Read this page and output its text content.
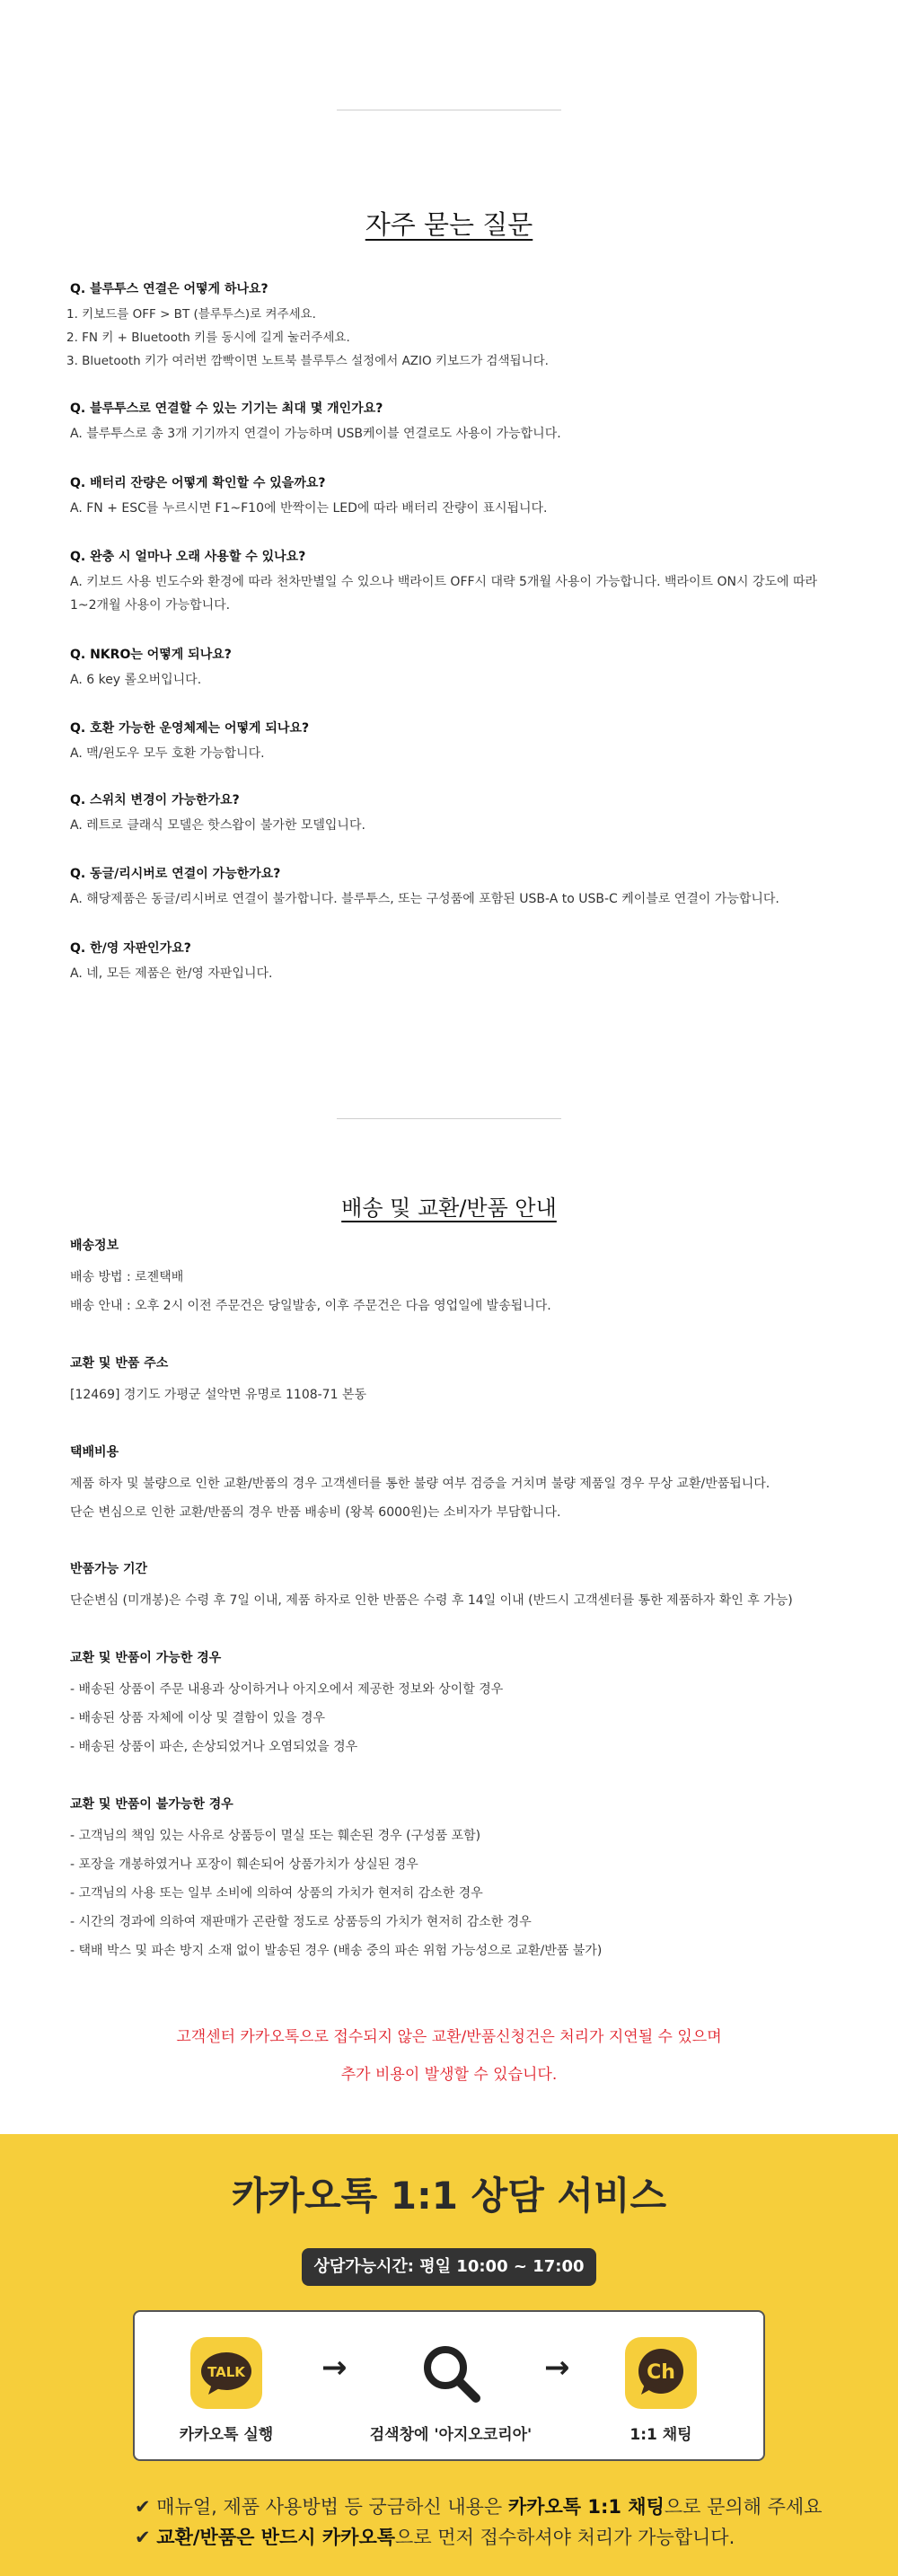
자주 묻는 질문

Q. 블루투스 연결은 어떻게 하나요?

1. 키보드를 OFF > BT (블루투스)로 켜주세요.
2. FN 키 + Bluetooth 키를 동시에 길게 눌러주세요.
3. Bluetooth 키가 여러번 깜빡이면 노트북 블루투스 설정에서 AZIO 키보드가 검색됩니다.

Q. 블루투스로 연결할 수 있는 기기는 최대 몇 개인가요?

A. 블루투스로 총 3개 기기까지 연결이 가능하며 USB케이블 연결로도 사용이 가능합니다.

Q. 배터리 잔량은 어떻게 확인할 수 있을까요?

A. FN + ESC를 누르시면 F1~F10에 반짝이는 LED에 따라 배터리 잔량이 표시됩니다.

Q. 완충 시 얼마나 오래 사용할 수 있나요?

A. 키보드 사용 빈도수와 환경에 따라 천차만별일 수 있으나 백라이트 OFF시 대략 5개월 사용이 가능합니다. 백라이트 ON시 강도에 따라 1~2개월 사용이 가능합니다.

Q. NKRO는 어떻게 되나요?

A. 6 key 롤오버입니다.

Q. 호환 가능한 운영체제는 어떻게 되나요?

A. 맥/윈도우 모두 호환 가능합니다.

Q. 스위치 변경이 가능한가요?

A. 레트로 클래식 모델은 핫스왑이 불가한 모델입니다.

Q. 동글/리시버로 연결이 가능한가요?

A. 해당제품은 동글/리시버로 연결이 불가합니다. 블루투스, 또는 구성품에 포함된 USB-A to USB-C 케이블로 연결이 가능합니다.

Q. 한/영 자판인가요?

A. 네, 모든 제품은 한/영 자판입니다.

배송 및 교환/반품 안내

배송정보

배송 방법 : 로젠택배

배송 안내 : 오후 2시 이전 주문건은 당일발송, 이후 주문건은 다음 영업일에 발송됩니다.

교환 및 반품 주소

[12469] 경기도 가평군 설악면 유명로 1108-71 본동

택배비용

제품 하자 및 불량으로 인한 교환/반품의 경우 고객센터를 통한 불량 여부 검증을 거치며 불량 제품일 경우 무상 교환/반품됩니다.

단순 변심으로 인한 교환/반품의 경우 반품 배송비 (왕복 6000원)는 소비자가 부담합니다.

반품가능 기간

단순변심 (미개봉)은 수령 후 7일 이내, 제품 하자로 인한 반품은 수령 후 14일 이내 (반드시 고객센터를 통한 제품하자 확인 후 가능)

교환 및 반품이 가능한 경우

- 배송된 상품이 주문 내용과 상이하거나 아지오에서 제공한 정보와 상이할 경우

- 배송된 상품 자체에 이상 및 결함이 있을 경우

- 배송된 상품이 파손, 손상되었거나 오염되었을 경우

교환 및 반품이 불가능한 경우

- 고객님의 책임 있는 사유로 상품등이 멸실 또는 훼손된 경우 (구성품 포함)

- 포장을 개봉하였거나 포장이 훼손되어 상품가치가 상실된 경우

- 고객님의 사용 또는 일부 소비에 의하여 상품의 가치가 현저히 감소한 경우

- 시간의 경과에 의하여 재판매가 곤란할 정도로 상품등의 가치가 현저히 감소한 경우

- 택배 박스 및 파손 방지 소재 없이 발송된 경우 (배송 중의 파손 위험 가능성으로 교환/반품 불가)

고객센터 카카오톡으로 접수되지 않은 교환/반품신청건은 처리가 지연될 수 있으며
추가 비용이 발생할 수 있습니다.
카카오톡 1:1 상담 서비스
상담가능시간: 평일 10:00 ~ 17:00
TALK
카카오톡 실행
→
검색창에 '아지오코리아'
→	Ch
1:1 채팅
✔ 매뉴얼, 제품 사용방법 등 궁금하신 내용은 카카오톡 1:1 채팅으로 문의해 주세요
✔ 교환/반품은 반드시 카카오톡으로 먼저 접수하셔야 처리가 가능합니다.
